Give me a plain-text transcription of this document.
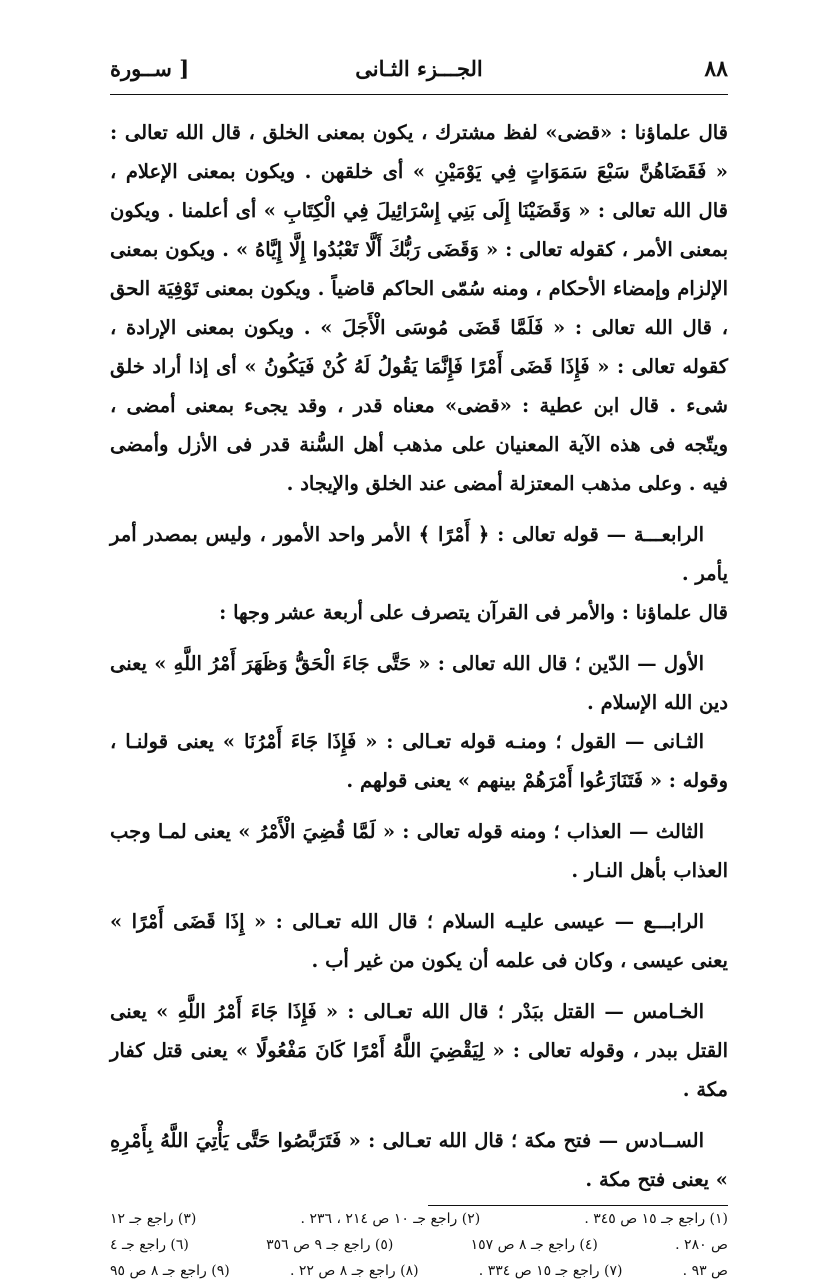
٨٨
الجـــزء الثـانى
[ ســورة

قال علماؤنا : «قضى» لفظ مشترك ، يكون بمعنى الخلق ، قال الله تعالى : « فَقَضَاهُنَّ سَبْعَ سَمَوَاتٍ فِي يَوْمَيْنِ » أى خلقهن . ويكون بمعنى الإعلام ، قال الله تعالى : « وَقَضَيْنَا إِلَى بَنِي إِسْرَائِيلَ فِي الْكِتَابِ » أى أعلمنا . ويكون بمعنى الأمر ، كقوله تعالى : « وَقَضَى رَبُّكَ أَلَّا تَعْبُدُوا إِلَّا إِيَّاهُ » . ويكون بمعنى الإلزام وإمضاء الأحكام ، ومنه سُمّى الحاكم قاضياً . ويكون بمعنى تَوْفِيَة الحق ، قال الله تعالى : « فَلَمَّا قَضَى مُوسَى الْأَجَلَ » . ويكون بمعنى الإرادة ، كقوله تعالى : « فَإِذَا قَضَى أَمْرًا فَإِنَّمَا يَقُولُ لَهُ كُنْ فَيَكُونُ » أى إذا أراد خلق شىء . قال ابن عطية : «قضى» معناه قدر ، وقد يجىء بمعنى أمضى ، ويتّجه فى هذه الآية المعنيان على مذهب أهل السُّنة قدر فى الأزل وأمضى فيه . وعلى مذهب المعتزلة أمضى عند الخلق والإيجاد .

الرابعـــة — قوله تعالى : ﴿ أَمْرًا ﴾ الأمر واحد الأمور ، وليس بمصدر أمر يأمر .

قال علماؤنا : والأمر فى القرآن يتصرف على أربعة عشر وجها :

الأول — الدّين ؛ قال الله تعالى : « حَتَّى جَاءَ الْحَقُّ وَظَهَرَ أَمْرُ اللَّهِ » يعنى دين الله الإسلام .

الثـانى — القول ؛ ومنـه قوله تعـالى : « فَإِذَا جَاءَ أَمْرُنَا » يعنى قولنـا ، وقوله : « فَتَنَازَعُوا أَمْرَهُمْ بينهم » يعنى قولهم .

الثالث — العذاب ؛ ومنه قوله تعالى : « لَمَّا قُضِيَ الْأَمْرُ » يعنى لمـا وجب العذاب بأهل النـار .

الرابـــع — عيسى عليـه السلام ؛ قال الله تعـالى : « إِذَا قَضَى أَمْرًا » يعنى عيسى ، وكان فى علمه أن يكون من غير أب .

الخـامس — القتل ببَدْر ؛ قال الله تعـالى : « فَإِذَا جَاءَ أَمْرُ اللَّهِ » يعنى القتل ببدر ، وقوله تعالى : « لِيَقْضِيَ اللَّهُ أَمْرًا كَانَ مَفْعُولًا » يعنى قتل كفار مكة .

الســادس — فتح مكة ؛ قال الله تعـالى : « فَتَرَبَّصُوا حَتَّى يَأْتِيَ اللَّهُ بِأَمْرِهِ » يعنى فتح مكة .

(١) راجع جـ ١٥ ص ٣٤٥ .
(٢) راجع جـ ١٠ ص ٢١٤ ، ٢٣٦ .
(٣) راجع جـ ١٢
ص ٢٨٠ .
(٤) راجع جـ ٨ ص ١٥٧
(٥) راجع جـ ٩ ص ٣٥٦
(٦) راجع جـ ٤
ص ٩٣ .
(٧) راجع جـ ١٥ ص ٣٣٤ .
(٨) راجع جـ ٨ ص ٢٢ .
(٩) راجع جـ ٨ ص ٩٥
